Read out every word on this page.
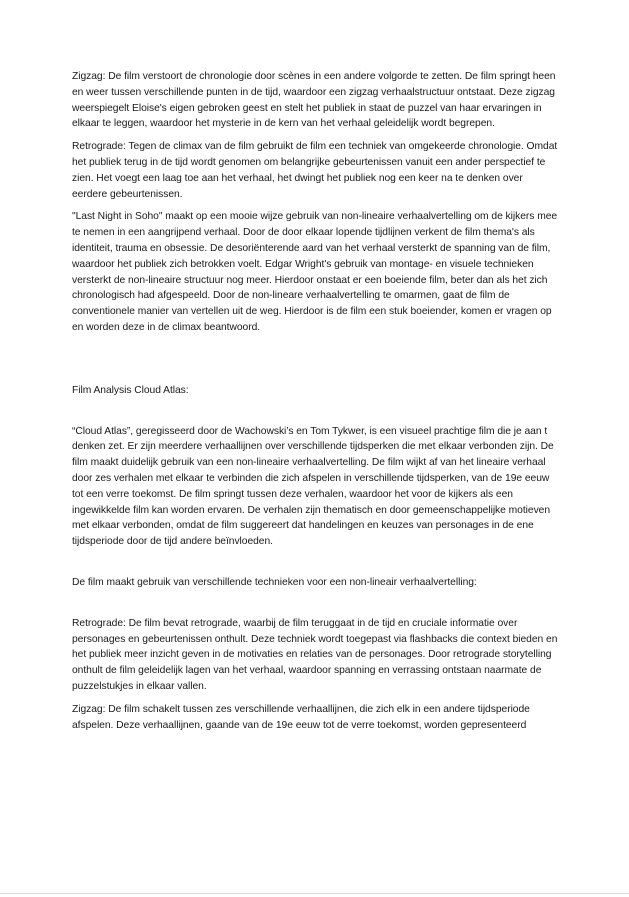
Zigzag: De film verstoort de chronologie door scènes in een andere volgorde te zetten. De film springt heen en weer tussen verschillende punten in de tijd, waardoor een zigzag verhaalstructuur ontstaat. Deze zigzag weerspiegelt Eloise's eigen gebroken geest en stelt het publiek in staat de puzzel van haar ervaringen in elkaar te leggen, waardoor het mysterie in de kern van het verhaal geleidelijk wordt begrepen.

Retrograde: Tegen de climax van de film gebruikt de film een techniek van omgekeerde chronologie. Omdat het publiek terug in de tijd wordt genomen om belangrijke gebeurtenissen vanuit een ander perspectief te zien. Het voegt een laag toe aan het verhaal, het dwingt het publiek nog een keer na te denken over eerdere gebeurtenissen.

"Last Night in Soho" maakt op een mooie wijze gebruik van non-lineaire verhaalvertelling om de kijkers mee te nemen in een aangrijpend verhaal. Door de door elkaar lopende tijdlijnen verkent de film thema's als identiteit, trauma en obsessie. De desoriënterende aard van het verhaal versterkt de spanning van de film, waardoor het publiek zich betrokken voelt. Edgar Wright's gebruik van montage- en visuele technieken versterkt de non-lineaire structuur nog meer. Hierdoor onstaat er een boeiende film, beter dan als het zich chronologisch had afgespeeld. Door de non-lineare verhaalvertelling te omarmen, gaat de film de conventionele manier van vertellen uit de weg. Hierdoor is de film een stuk boeiender, komen er vragen op en worden deze in de climax beantwoord.

Film Analysis Cloud Atlas:

“Cloud Atlas”, geregisseerd door de Wachowski’s en Tom Tykwer, is een visueel prachtige film die je aan t denken zet. Er zijn meerdere verhaallijnen over verschillende tijdsperken die met elkaar verbonden zijn. De film maakt duidelijk gebruik van een non-lineaire verhaalvertelling. De film wijkt af van het lineaire verhaal door zes verhalen met elkaar te verbinden die zich afspelen in verschillende tijdsperken, van de 19e eeuw tot een verre toekomst. De film springt tussen deze verhalen, waardoor het voor de kijkers als een ingewikkelde film kan worden ervaren. De verhalen zijn thematisch en door gemeenschappelijke motieven met elkaar verbonden, omdat de film suggereert dat handelingen en keuzes van personages in de ene tijdsperiode door de tijd andere beïnvloeden.

De film maakt gebruik van verschillende technieken voor een non-lineair verhaalvertelling:

Retrograde: De film bevat retrograde, waarbij de film teruggaat in de tijd en cruciale informatie over personages en gebeurtenissen onthult. Deze techniek wordt toegepast via flashbacks die context bieden en het publiek meer inzicht geven in de motivaties en relaties van de personages. Door retrograde storytelling onthult de film geleidelijk lagen van het verhaal, waardoor spanning en verrassing ontstaan naarmate de puzzelstukjes in elkaar vallen.

Zigzag: De film schakelt tussen zes verschillende verhaallijnen, die zich elk in een andere tijdsperiode afspelen. Deze verhaallijnen, gaande van de 19e eeuw tot de verre toekomst, worden gepresenteerd
